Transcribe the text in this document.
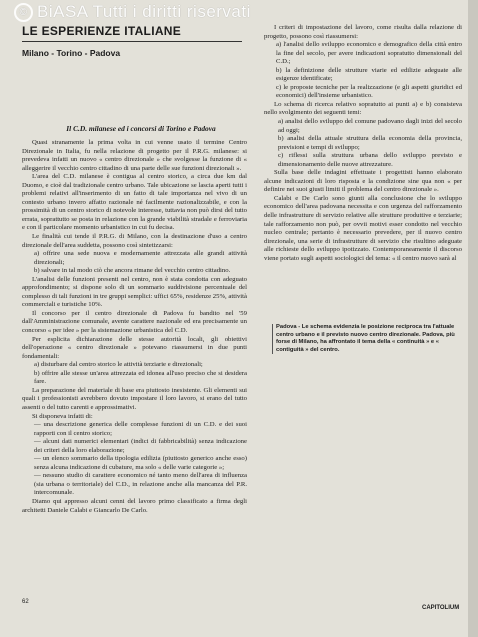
© BiASA Tutti i diritti riservati
LE ESPERIENZE ITALIANE
Milano - Torino - Padova
Il C.D. milanese ed i concorsi di Torino e Padova

Quasi stranamente la prima volta in cui venne usato il termine Centro Direzionale in Italia, fu nella relazione di progetto per il P.R.G. milanese: si prevedeva infatti un nuovo « centro direzionale » che svolgesse la funzione di « alleggerire il vecchio centro cittadino di una parte delle sue funzioni direzionali ».

L'area del C.D. milanese è contigua al centro storico, a circa due km dal Duomo, e cioè dal tradizionale centro urbano. Tale ubicazione se lascia aperti tutti i problemi relativi all'inserimento di un fatto di tale importanza nel vivo di un contesto urbano invero affatto razionale né facilmente razionalizzabile, e con la prossimità di un centro storico di notevole interesse, tuttavia non può dirsi del tutto errata, soprattutto se posta in relazione con la grande viabilità stradale e ferroviaria e con il particolare momento urbanistico in cui fu decisa.

Le finalità cui tende il P.R.G. di Milano, con la destinazione d'uso a centro direzionale dell'area suddetta, possono così sintetizzarsi:

a) offrire una sede nuova e modernamente attrezzata alle grandi attività direzionali;

b) salvare in tal modo ciò che ancora rimane del vecchio centro cittadino.

L'analisi delle funzioni presenti nel centro, non è stata condotta con adeguato approfondimento; si dispone solo di un sommario suddivisione percentuale del complesso di tali funzioni in tre gruppi semplici: uffici 65%, residenze 25%, attività commerciali e turistiche 10%.

Il concorso per il centro direzionale di Padova fu bandito nel '59 dall'Amministrazione comunale, avente carattere nazionale ed era precisamente un concorso « per idee » per la sistemazione urbanistica del C.D.

Per esplicita dichiarazione delle stesse autorità locali, gli obiettivi dell'operazione « centro direzionale » potevano riassumersi in due punti fondamentali:

a) disturbare dal centro storico le attività terziarie e direzionali;

b) offrire alle stesse un'area attrezzata ed idonea all'uso preciso che si desidera fare.

La preparazione del materiale di base era piuttosto inesistente. Gli elementi sui quali i professionisti avrebbero dovuto impostare il loro lavoro, si erano del tutto assenti o del tutto carenti e approssimativi.

Si disponeva infatti di:

— una descrizione generica delle complesse funzioni di un C.D. e dei suoi rapporti con il centro storico;

— alcuni dati numerici elementari (indici di fabbricabilità) senza indicazione dei criteri della loro elaborazione;

— un elenco sommario della tipologia edilizia (piuttosto generico anche esso) senza alcuna indicazione di cubature, ma solo « delle varie categorie »;

— nessuno studio di carattere economico né tanto meno dell'area di influenza (sia urbana o territoriale) del C.D., in relazione anche alla mancanza del P.R. intercomunale.

Diamo qui appresso alcuni cenni del lavoro primo classificato a firma degli architetti Daniele Calabi e Giancarlo De Carlo.

I criteri di impostazione del lavoro, come risulta dalla relazione di progetto, possono così riassumersi:

a) l'analisi dello sviluppo economico e demografico della città entro la fine del secolo, per avere indicazioni sopratutto dimensionali del C.D.;

b) la definizione delle strutture viarie ed edilizie adeguate alle esigenze identificate;

c) le proposte tecniche per la realizzazione (e gli aspetti giuridici ed economici) dell'insieme urbanistico.

Lo schema di ricerca relativo sopratutto ai punti a) e b) consisteva nello svolgimento dei seguenti temi:

a) analisi dello sviluppo del comune padovano dagli inizi del secolo ad oggi;

b) analisi della attuale struttura della economia della provincia, previsioni e tempi di sviluppo;

c) riflessi sulla struttura urbana dello sviluppo previsto e dimensionamento delle nuove attrezzature.

Sulla base delle indagini effettuate i progettisti hanno elaborato alcune indicazioni di loro risposta e la condizione sine qua non « per definire nei suoi giusti limiti il problema del centro direzionale ».

Calabi e De Carlo sono giunti alla conclusione che lo sviluppo economico dell'area padovana necessita e con urgenza del rafforzamento delle infrastrutture di servizio relative alle strutture produttive e terziarie; tale rafforzamento non può, per ovvii motivi esser condotto nel vecchio nucleo centrale; pertanto è necessario prevedere, per il nuovo centro direzionale, una serie di infrastrutture di servizio che risultino adeguate alle richieste dello sviluppo ipotizzato. Contemporaneamente il discorso viene portato sugli aspetti sociologici del tema: « il centro nuovo sarà al

Padova - Le schema evidenzia le posizione reciproca tra l'attuale centro urbano e il previsto nuovo centro direzionale. Padova, più forse di Milano, ha affrontato il tema della « continuità » e « contiguità » del centro.
62
CAPITOLIUM
